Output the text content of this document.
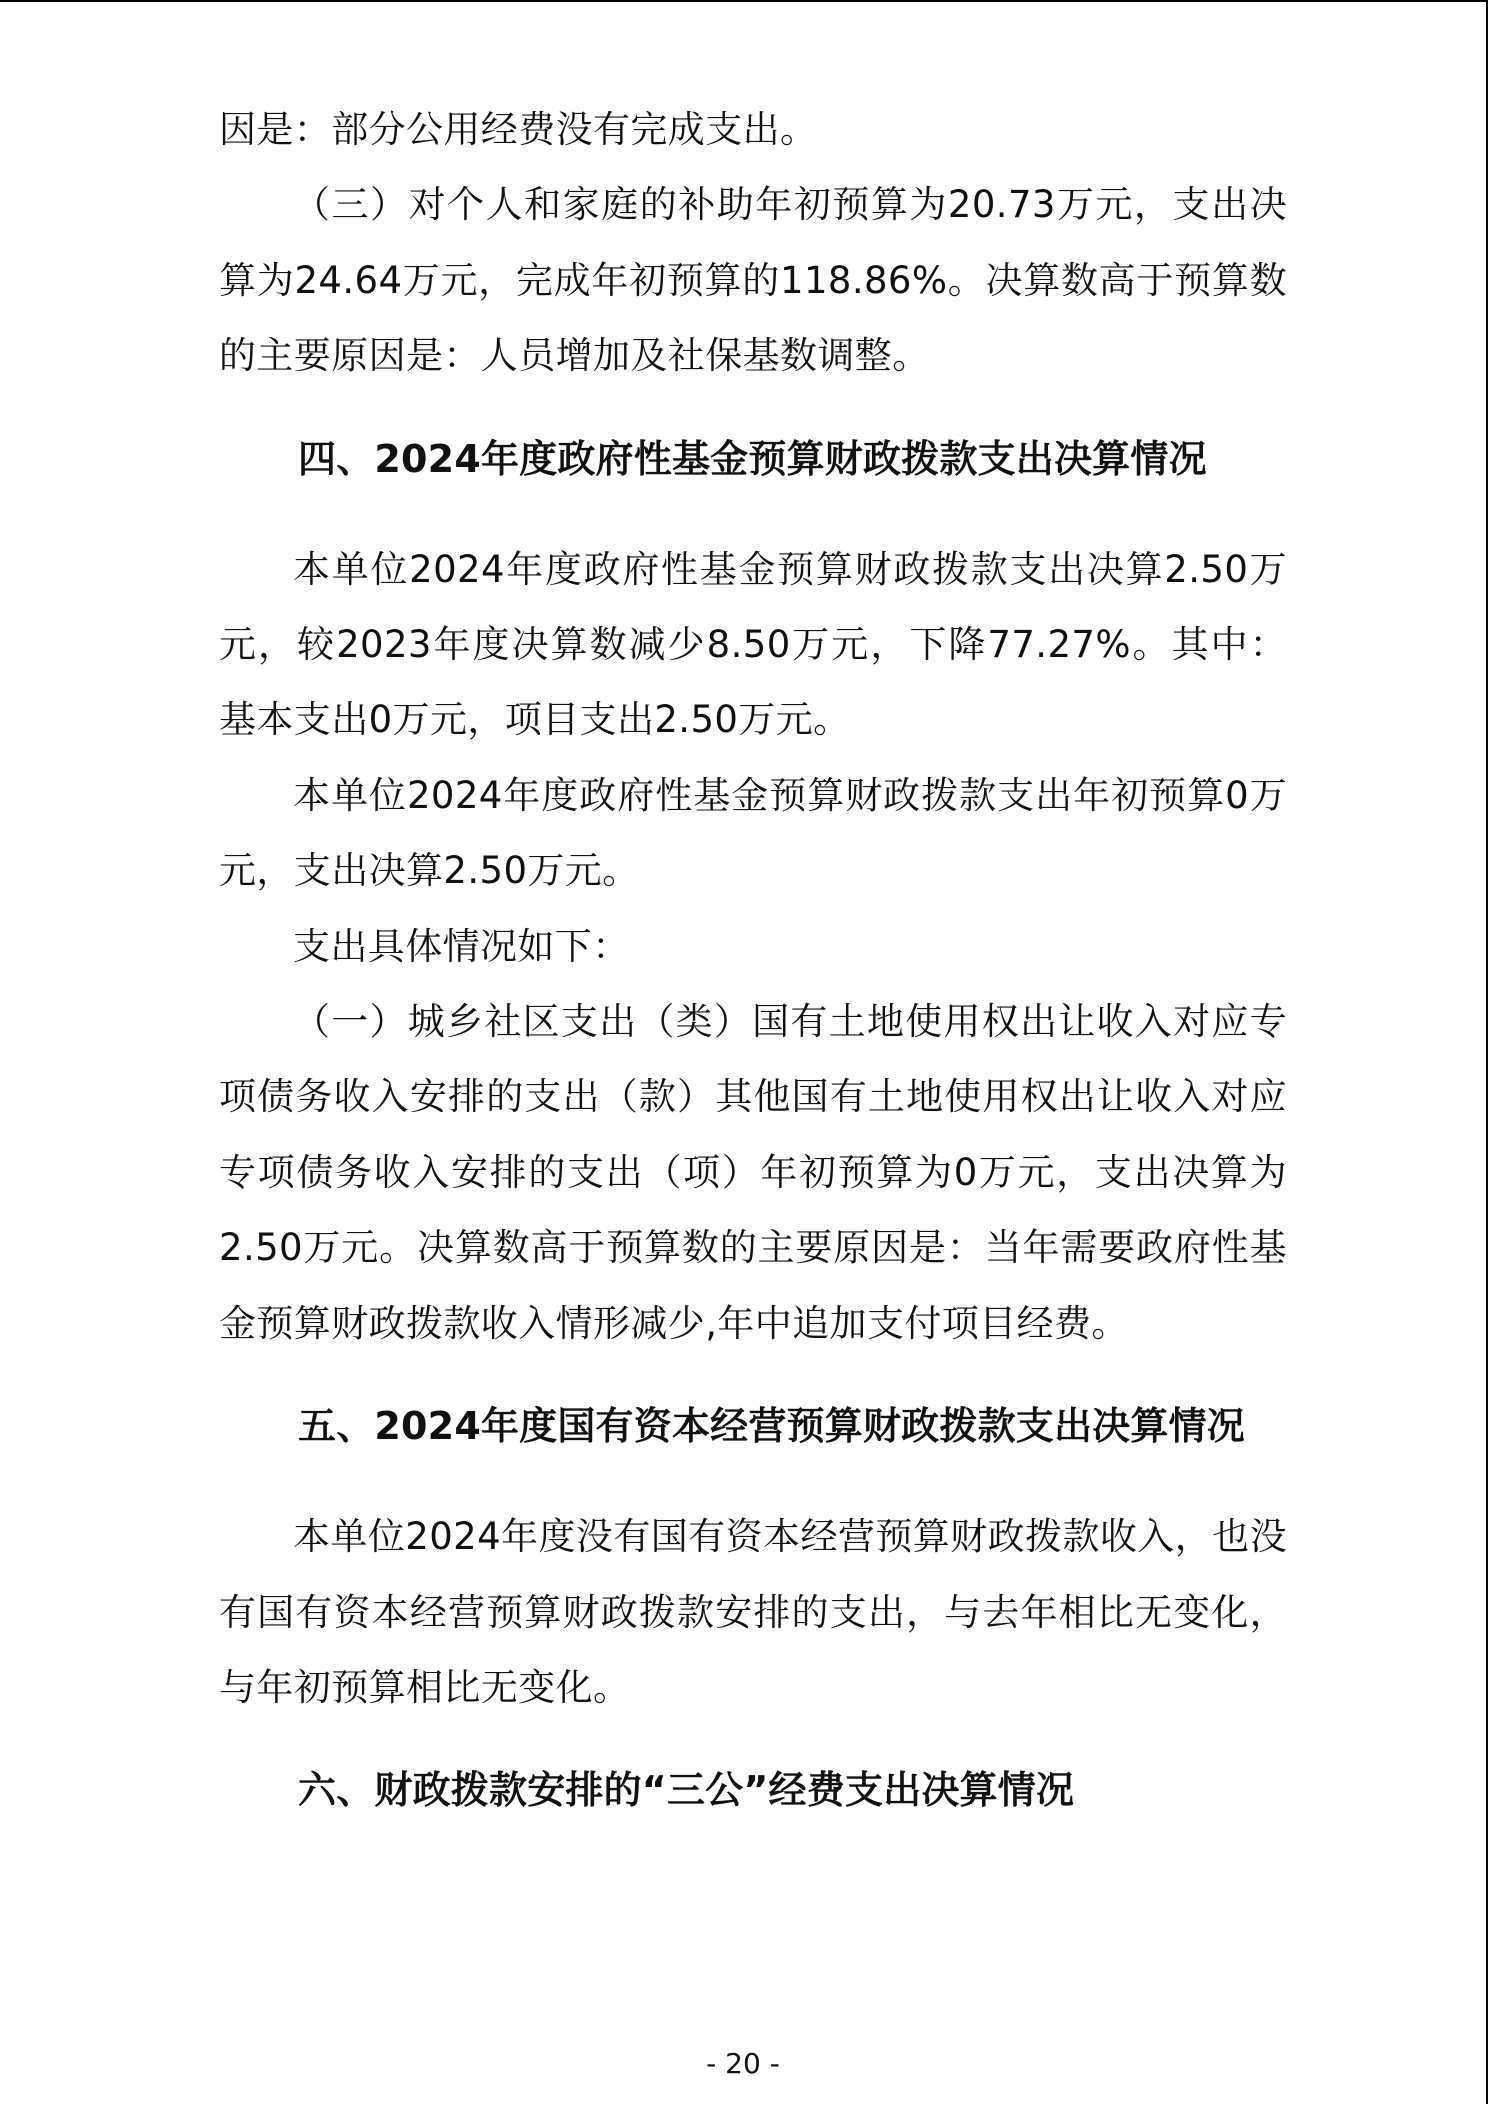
因是：部分公用经费没有完成支出。

（三）对个人和家庭的补助年初预算为20.73万元，支出决算为24.64万元，完成年初预算的118.86%。决算数高于预算数的主要原因是：人员增加及社保基数调整。

四、2024年度政府性基金预算财政拨款支出决算情况

本单位2024年度政府性基金预算财政拨款支出决算2.50万元，较2023年度决算数减少8.50万元，下降77.27%。其中：基本支出0万元，项目支出2.50万元。

本单位2024年度政府性基金预算财政拨款支出年初预算0万元，支出决算2.50万元。

支出具体情况如下：

（一）城乡社区支出（类）国有土地使用权出让收入对应专项债务收入安排的支出（款）其他国有土地使用权出让收入对应专项债务收入安排的支出（项）年初预算为0万元，支出决算为2.50万元。决算数高于预算数的主要原因是：当年需要政府性基金预算财政拨款收入情形减少,年中追加支付项目经费。

五、2024年度国有资本经营预算财政拨款支出决算情况

本单位2024年度没有国有资本经营预算财政拨款收入，也没有国有资本经营预算财政拨款安排的支出，与去年相比无变化，与年初预算相比无变化。

六、财政拨款安排的“三公”经费支出决算情况
- 20 -
